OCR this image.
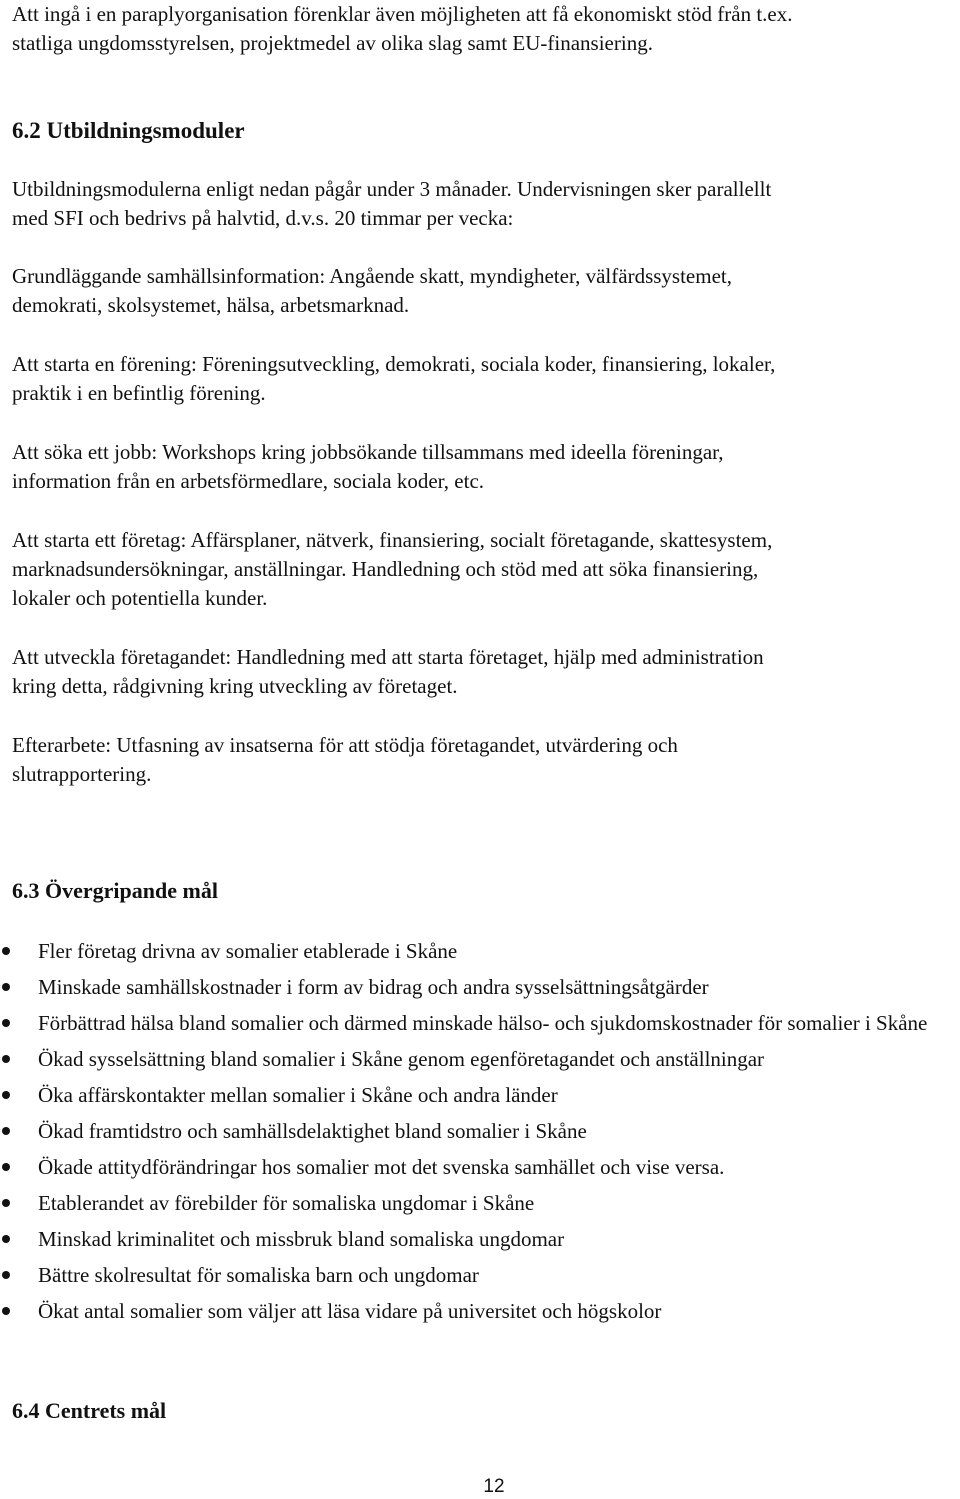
Att ingå i en paraplyorganisation förenklar även möjligheten att få ekonomiskt stöd från t.ex.

statliga ungdomsstyrelsen, projektmedel av olika slag samt EU-finansiering.

6.2 Utbildningsmoduler

Utbildningsmodulerna enligt nedan pågår under 3 månader. Undervisningen sker parallellt

med SFI och bedrivs på halvtid, d.v.s. 20 timmar per vecka:

Grundläggande samhällsinformation: Angående skatt, myndigheter, välfärdssystemet,

demokrati, skolsystemet, hälsa, arbetsmarknad.

Att starta en förening: Föreningsutveckling, demokrati, sociala koder, finansiering, lokaler,

praktik i en befintlig förening.

Att söka ett jobb: Workshops kring jobbsökande tillsammans med ideella föreningar,

information från en arbetsförmedlare, sociala koder, etc.

Att starta ett företag: Affärsplaner, nätverk, finansiering, socialt företagande, skattesystem,

marknadsundersökningar, anställningar. Handledning och stöd med att söka finansiering,

lokaler och potentiella kunder.

Att utveckla företagandet: Handledning med att starta företaget, hjälp med administration

kring detta, rådgivning kring utveckling av företaget.

Efterarbete: Utfasning av insatserna för att stödja företagandet, utvärdering och

slutrapportering.

6.3 Övergripande mål
Fler företag drivna av somalier etablerade i Skåne
Minskade samhällskostnader i form av bidrag och andra sysselsättningsåtgärder
Förbättrad hälsa bland somalier och därmed minskade hälso- och sjukdomskostnader för somalier i Skåne
Ökad sysselsättning bland somalier i Skåne genom egenföretagandet och anställningar
Öka affärskontakter mellan somalier i Skåne och andra länder
Ökad framtidstro och samhällsdelaktighet bland somalier i Skåne
Ökade attitydförändringar hos somalier mot det svenska samhället och vise versa.
Etablerandet av förebilder för somaliska ungdomar i Skåne
Minskad kriminalitet och missbruk bland somaliska ungdomar
Bättre skolresultat för somaliska barn och ungdomar
Ökat antal somalier som väljer att läsa vidare på universitet och högskolor
6.4 Centrets mål
12
